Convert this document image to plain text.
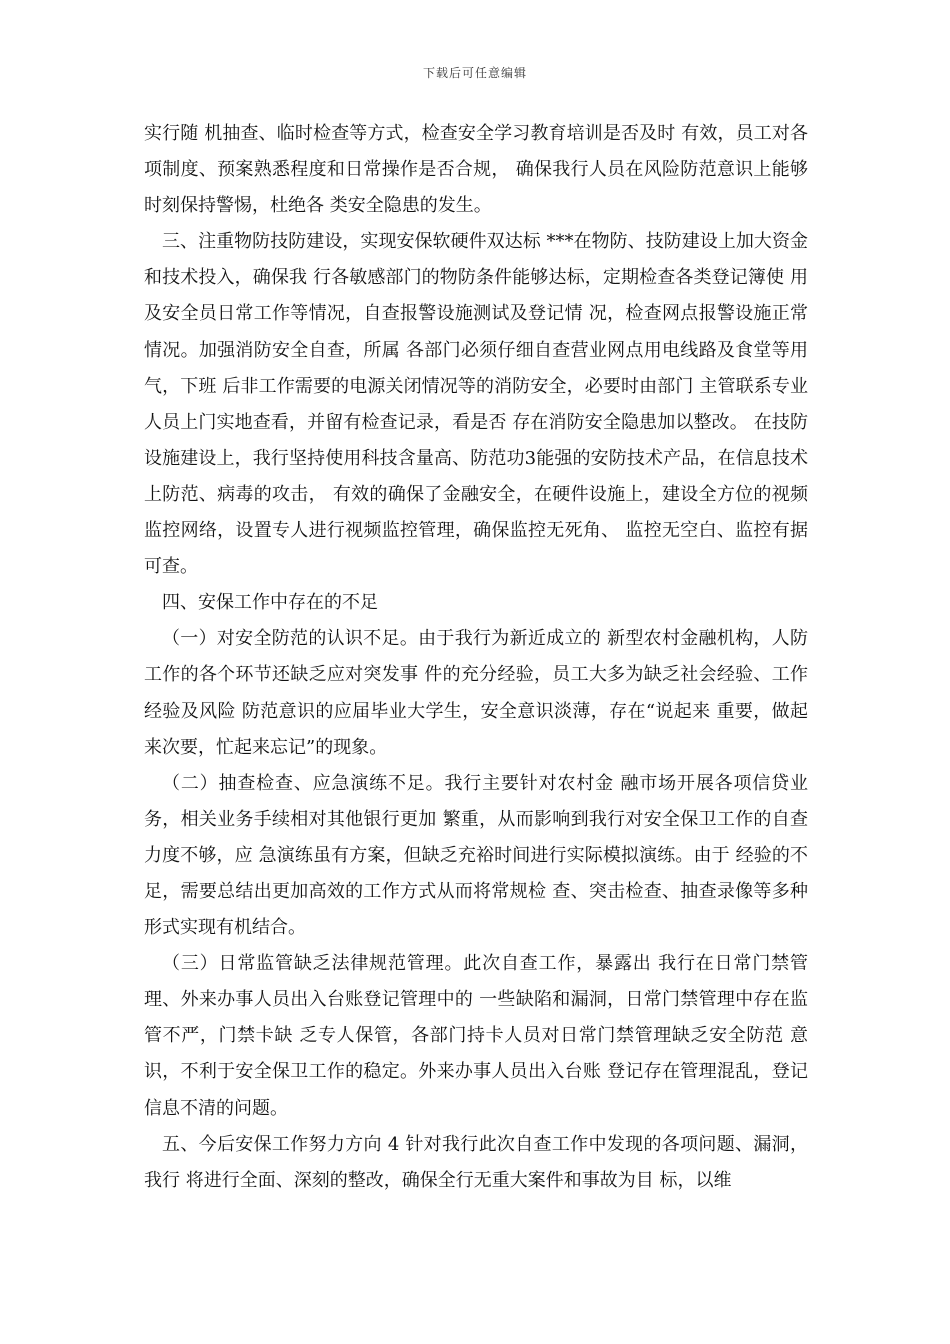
下载后可任意编辑

实行随 机抽查、临时检查等方式，检查安全学习教育培训是否及时 有效，员工对各项制度、预案熟悉程度和日常操作是否合规， 确保我行人员在风险防范意识上能够时刻保持警惕，杜绝各 类安全隐患的发生。

三、注重物防技防建设，实现安保软硬件双达标 ***在物防、技防建设上加大资金和技术投入，确保我 行各敏感部门的物防条件能够达标，定期检查各类登记簿使 用及安全员日常工作等情况，自查报警设施测试及登记情 况，检查网点报警设施正常情况。加强消防安全自查，所属 各部门必须仔细自查营业网点用电线路及食堂等用气，下班 后非工作需要的电源关闭情况等的消防安全，必要时由部门 主管联系专业人员上门实地查看，并留有检查记录，看是否 存在消防安全隐患加以整改。 在技防设施建设上，我行坚持使用科技含量高、防范功3能强的安防技术产品，在信息技术上防范、病毒的攻击， 有效的确保了金融安全，在硬件设施上，建设全方位的视频 监控网络，设置专人进行视频监控管理，确保监控无死角、 监控无空白、监控有据可查。

四、安保工作中存在的不足

（一）对安全防范的认识不足。由于我行为新近成立的 新型农村金融机构，人防工作的各个环节还缺乏应对突发事 件的充分经验，员工大多为缺乏社会经验、工作经验及风险 防范意识的应届毕业大学生，安全意识淡薄，存在“说起来 重要，做起来次要，忙起来忘记”的现象。

（二）抽查检查、应急演练不足。我行主要针对农村金 融市场开展各项信贷业务，相关业务手续相对其他银行更加 繁重，从而影响到我行对安全保卫工作的自查力度不够，应 急演练虽有方案，但缺乏充裕时间进行实际模拟演练。由于 经验的不足，需要总结出更加高效的工作方式从而将常规检 查、突击检查、抽查录像等多种形式实现有机结合。

（三）日常监管缺乏法律规范管理。此次自查工作，暴露出 我行在日常门禁管理、外来办事人员出入台账登记管理中的 一些缺陷和漏洞，日常门禁管理中存在监管不严，门禁卡缺 乏专人保管，各部门持卡人员对日常门禁管理缺乏安全防范 意识，不利于安全保卫工作的稳定。外来办事人员出入台账 登记存在管理混乱，登记信息不清的问题。

五、今后安保工作努力方向 4 针对我行此次自查工作中发现的各项问题、漏洞，我行 将进行全面、深刻的整改，确保全行无重大案件和事故为目 标，以维
